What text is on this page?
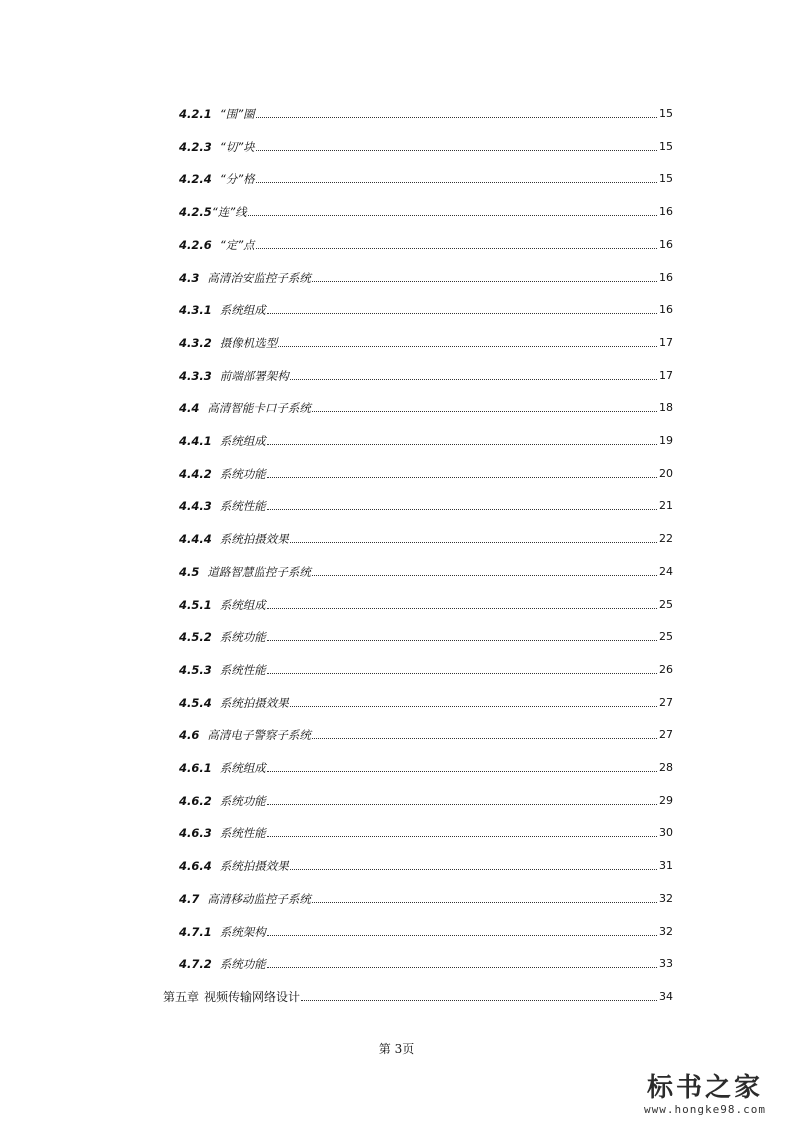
4.2.1 “围”圈	15
4.2.3 “切”块	15
4.2.4 “分”格	15
4.2.5 “连”线	16
4.2.6 “定”点	16
4.3 高清治安监控子系统	16
4.3.1 系统组成	16
4.3.2 摄像机选型	17
4.3.3 前端部署架构	17
4.4 高清智能卡口子系统	18
4.4.1 系统组成	19
4.4.2 系统功能	20
4.4.3 系统性能	21
4.4.4 系统拍摄效果	22
4.5 道路智慧监控子系统	24
4.5.1 系统组成	25
4.5.2 系统功能	25
4.5.3 系统性能	26
4.5.4 系统拍摄效果	27
4.6 高清电子警察子系统	27
4.6.1 系统组成	28
4.6.2 系统功能	29
4.6.3 系统性能	30
4.6.4 系统拍摄效果	31
4.7 高清移动监控子系统	32
4.7.1 系统架构	32
4.7.2 系统功能	33
第五章 视频传输网络设计	34
第 3页
标书之家
www.hongke98.com
